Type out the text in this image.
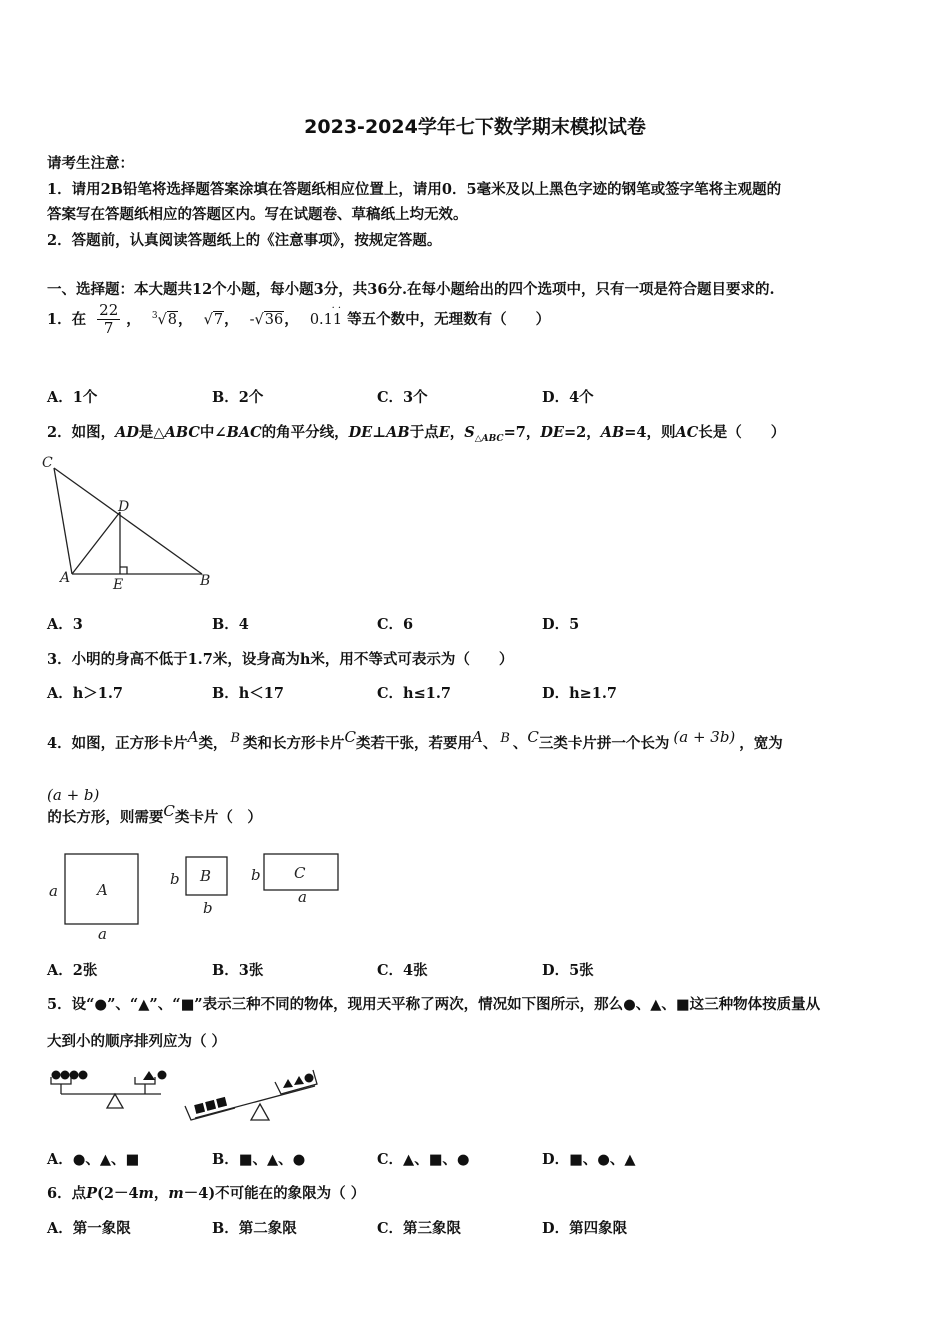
2023-2024学年七下数学期末模拟试卷
请考生注意：
1．请用2B铅笔将选择题答案涂填在答题纸相应位置上，请用0．5毫米及以上黑色字迹的钢笔或签字笔将主观题的
答案写在答题纸相应的答题区内。写在试题卷、草稿纸上均无效。
2．答题前，认真阅读答题纸上的《注意事项》，按规定答题。
一、选择题：本大题共12个小题，每小题3分，共36分.在每小题给出的四个选项中，只有一项是符合题目要求的.
1．在 $\frac{22}{7}$ ， $^3$√8， √7， -√36， 0.11
· ·
等五个数中，无理数有（　　）
A．1个	B．2个	C．3个	D．4个
2．如图，AD是△ABC中∠BAC的角平分线，DE⊥AB于点E，$S_{\triangle ABC}=7$，DE=2，AB=4，则AC长是（　　）
C
D
A	E	B
A．3	B．4	C．6	D．5
3．小明的身高不低于1.7米，设身高为h米，用不等式可表示为（　　）
A．h＞1.7	B．h＜17	C．h≤1.7	D．h≥1.7
4．如图，正方形卡片$^A$类， $^B$ 类和长方形卡片$^C$类若干张，若要用$^A$、 $^B$ 、$^C$三类卡片拼一个长为 $^{(a + 3b)}$ ，宽为
(a + b)的长方形，则需要$^C$类卡片（　）
a	A
a
b B
b
b C
a
A．2张	B．3张	C．4张	D．5张
5．设“●”、“▲”、“■”表示三种不同的物体，现用天平称了两次，情况如下图所示，那么●、▲、■这三种物体按质量从
大到小的顺序排列应为（ ）
A．●、▲、■	B．■、▲、●	C．▲、■、●	D．■、●、▲
6．点P(2－4m，m－4)不可能在的象限为（ ）
A．第一象限	B．第二象限	C．第三象限	D．第四象限
